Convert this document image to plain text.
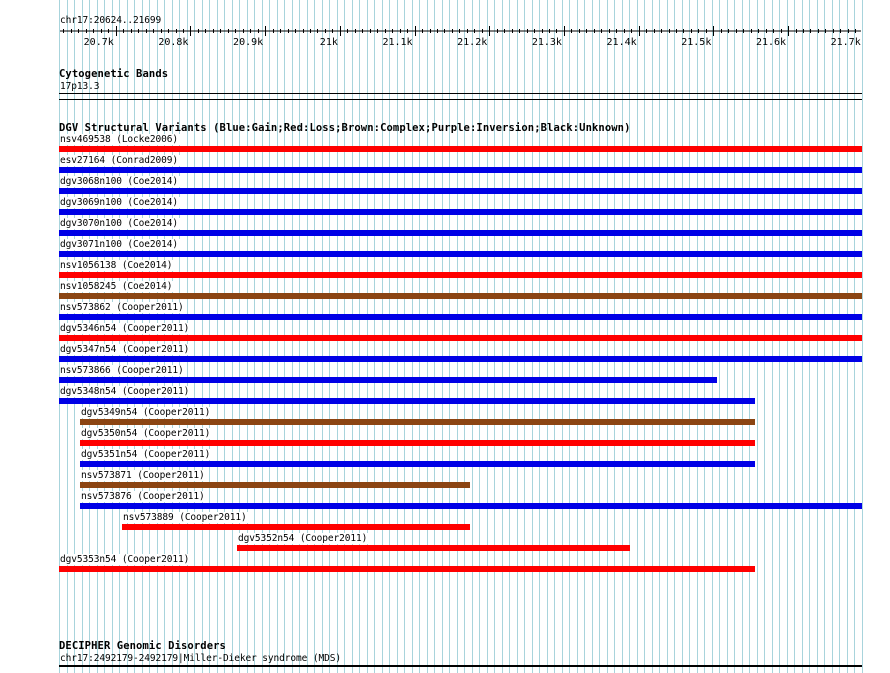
20.7k	20.8k	20.9k	21k	21.1k	21.2k	21.3k	21.4k	21.5k	21.6k	21.7k
chr17:20624..21699
Cytogenetic Bands
17p13.3
DGV Structural Variants (Blue:Gain;Red:Loss;Brown:Complex;Purple:Inversion;Black:Unknown)
nsv469538 (Locke2006)
esv27164 (Conrad2009)
dgv3068n100 (Coe2014)
dgv3069n100 (Coe2014)
dgv3070n100 (Coe2014)
dgv3071n100 (Coe2014)
nsv1056138 (Coe2014)
nsv1058245 (Coe2014)
nsv573862 (Cooper2011)
dgv5346n54 (Cooper2011)
dgv5347n54 (Cooper2011)
nsv573866 (Cooper2011)
dgv5348n54 (Cooper2011)
dgv5349n54 (Cooper2011)
dgv5350n54 (Cooper2011)
dgv5351n54 (Cooper2011)
nsv573871 (Cooper2011)
nsv573876 (Cooper2011)
nsv573889 (Cooper2011)
dgv5352n54 (Cooper2011)
dgv5353n54 (Cooper2011)
DECIPHER Genomic Disorders
chr17:2492179-2492179|Miller-Dieker syndrome (MDS)
